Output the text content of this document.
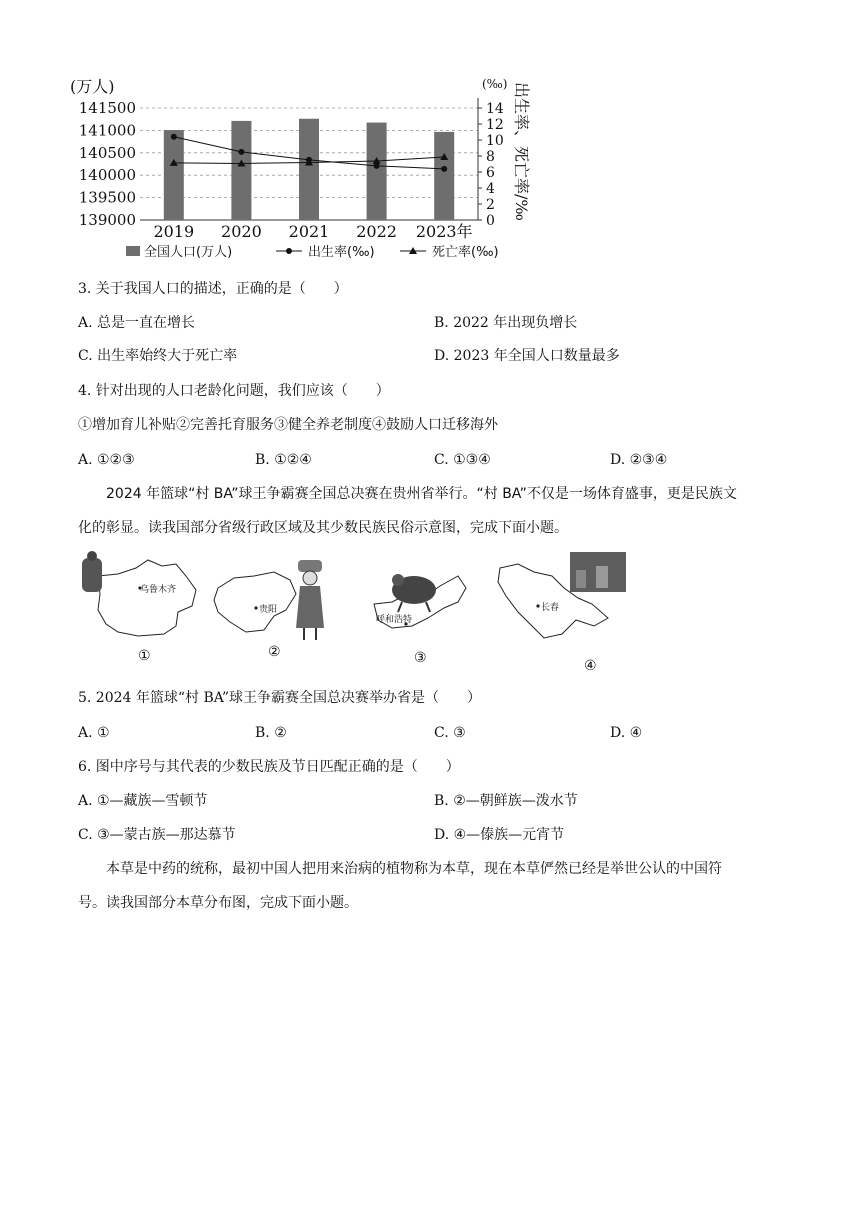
(万人)	(‰)
141500
141000
140500
140000
139500
139000
14
12
10
8
6
4
2
0
出生率、死亡率/‰
2019 2020 2021 2022 2023年
全国人口(万人)	出生率(‰)	死亡率(‰)
3. 关于我国人口的描述，正确的是（　　）
A. 总是一直在增长	B. 2022 年出现负增长
C. 出生率始终大于死亡率	D. 2023 年全国人口数量最多
4. 针对出现的人口老龄化问题，我们应该（　　）
①增加育儿补贴②完善托育服务③健全养老制度④鼓励人口迁移海外
A. ①②③	B. ①②④	C. ①③④	D. ②③④
2024 年篮球“村 BA”球王争霸赛全国总决赛在贵州省举行。“村 BA”不仅是一场体育盛事，更是民族文
化的彰显。读我国部分省级行政区域及其少数民族民俗示意图，完成下面小题。
乌鲁木齐
贵阳
呼和浩特
长春
①	②	③	④
5. 2024 年篮球“村 BA”球王争霸赛全国总决赛举办省是（　　）
A. ①	B. ②	C. ③	D. ④
6. 图中序号与其代表的少数民族及节日匹配正确的是（　　）
A. ①—藏族—雪顿节	B. ②—朝鲜族—泼水节
C. ③—蒙古族—那达慕节	D. ④—傣族—元宵节
本草是中药的统称，最初中国人把用来治病的植物称为本草，现在本草俨然已经是举世公认的中国符
号。读我国部分本草分布图，完成下面小题。
